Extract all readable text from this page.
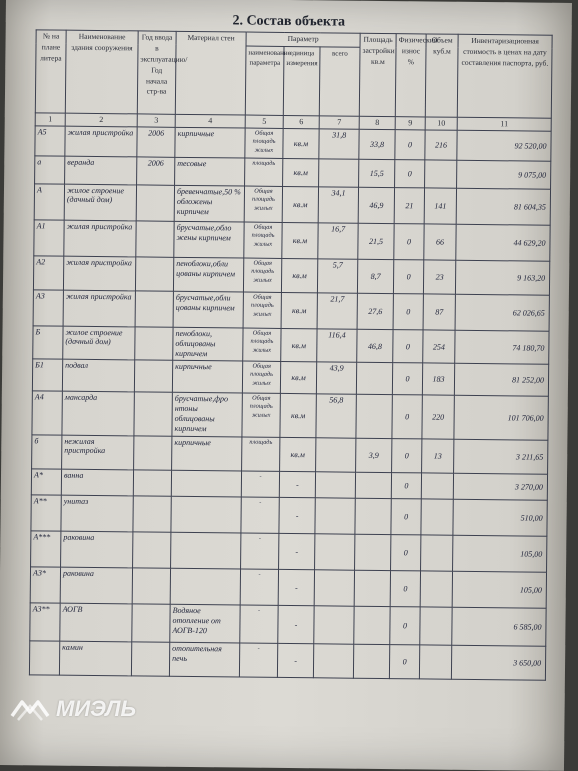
2. Состав объекта
№ на плане литера	Наименование здания сооружения	Год ввода в эксплуатацию/ Год начала стр-ва	Материал стен	Параметр			Площадь застройки кв.м	Физический износ %	Объем куб.м	Инвентаризационная стоимость в ценах на дату составления паспорта, руб.
				наименование параметра	единица измерения	всего				
1	2	3	4	5	6	7	8	9	10	11
А5	жилая пристройка	2006	кирпичные	Общая площадь жилых	кв.м	31,8	33,8	0	216	92 520,00
а	веранда	2006	тесовые	площадь	кв.м		15,5	0		9 075,00
А	жилое строение (дачный дом)		бревенчатые,50 % обложены кирпичем	Общая площадь жилых	кв.м	34,1	46,9	21	141	81 604,35
А1	жилая пристройка		брусчатые,обло жены кирпичем	Общая площадь жилых	кв.м	16,7	21,5	0	66	44 629,20
А2	жилая пристройка		пеноблоки,обли цованы кирпичем	Общая площадь жилых	кв.м	5,7	8,7	0	23	9 163,20
А3	жилая пристройка		брусчатые,обли цованы кирпичем	Общая площадь жилых	кв.м	21,7	27,6	0	87	62 026,65
Б	жилое строение (дачный дом)		пеноблоки, облицованы кирпичем	Общая площадь жилых	кв.м	116,4	46,8	0	254	74 180,70
Б1	подвал		кирпичные	Общая площадь жилых	кв.м	43,9		0	183	81 252,00
А4	мансарда		брусчатые,фро нтоны облицованы кирпичем	Общая площадь жилых	кв.м	56,8		0	220	101 706,00
б	нежилая пристройка		кирпичные	площадь	кв.м		3,9	0	13	3 211,65
А*	ванна			-	-			0		3 270,00
А**	унитаз			-	-			0		510,00
А***	раковина			-	-			0		105,00
А3*	раковина			-	-			0		105,00
А3**	АОГВ		Водяное отопление от АОГВ-120	-	-			0		6 585,00
	камин		отопительная печь	-	-			0		3 650,00
МИЭЛЬ
